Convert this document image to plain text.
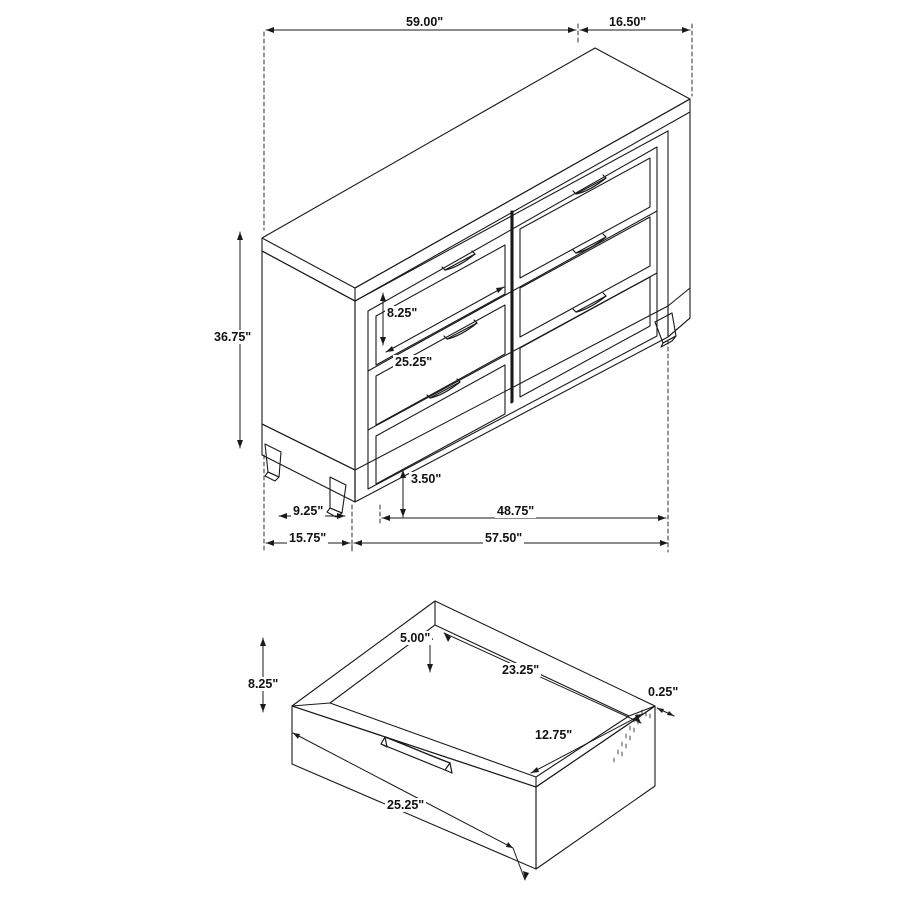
59.00"	16.50"
36.75"
8.25"
25.25"
3.50"
9.25"
15.75"
48.75"
57.50"
5.00"
23.25"
0.25"
12.75"
8.25"
25.25"
